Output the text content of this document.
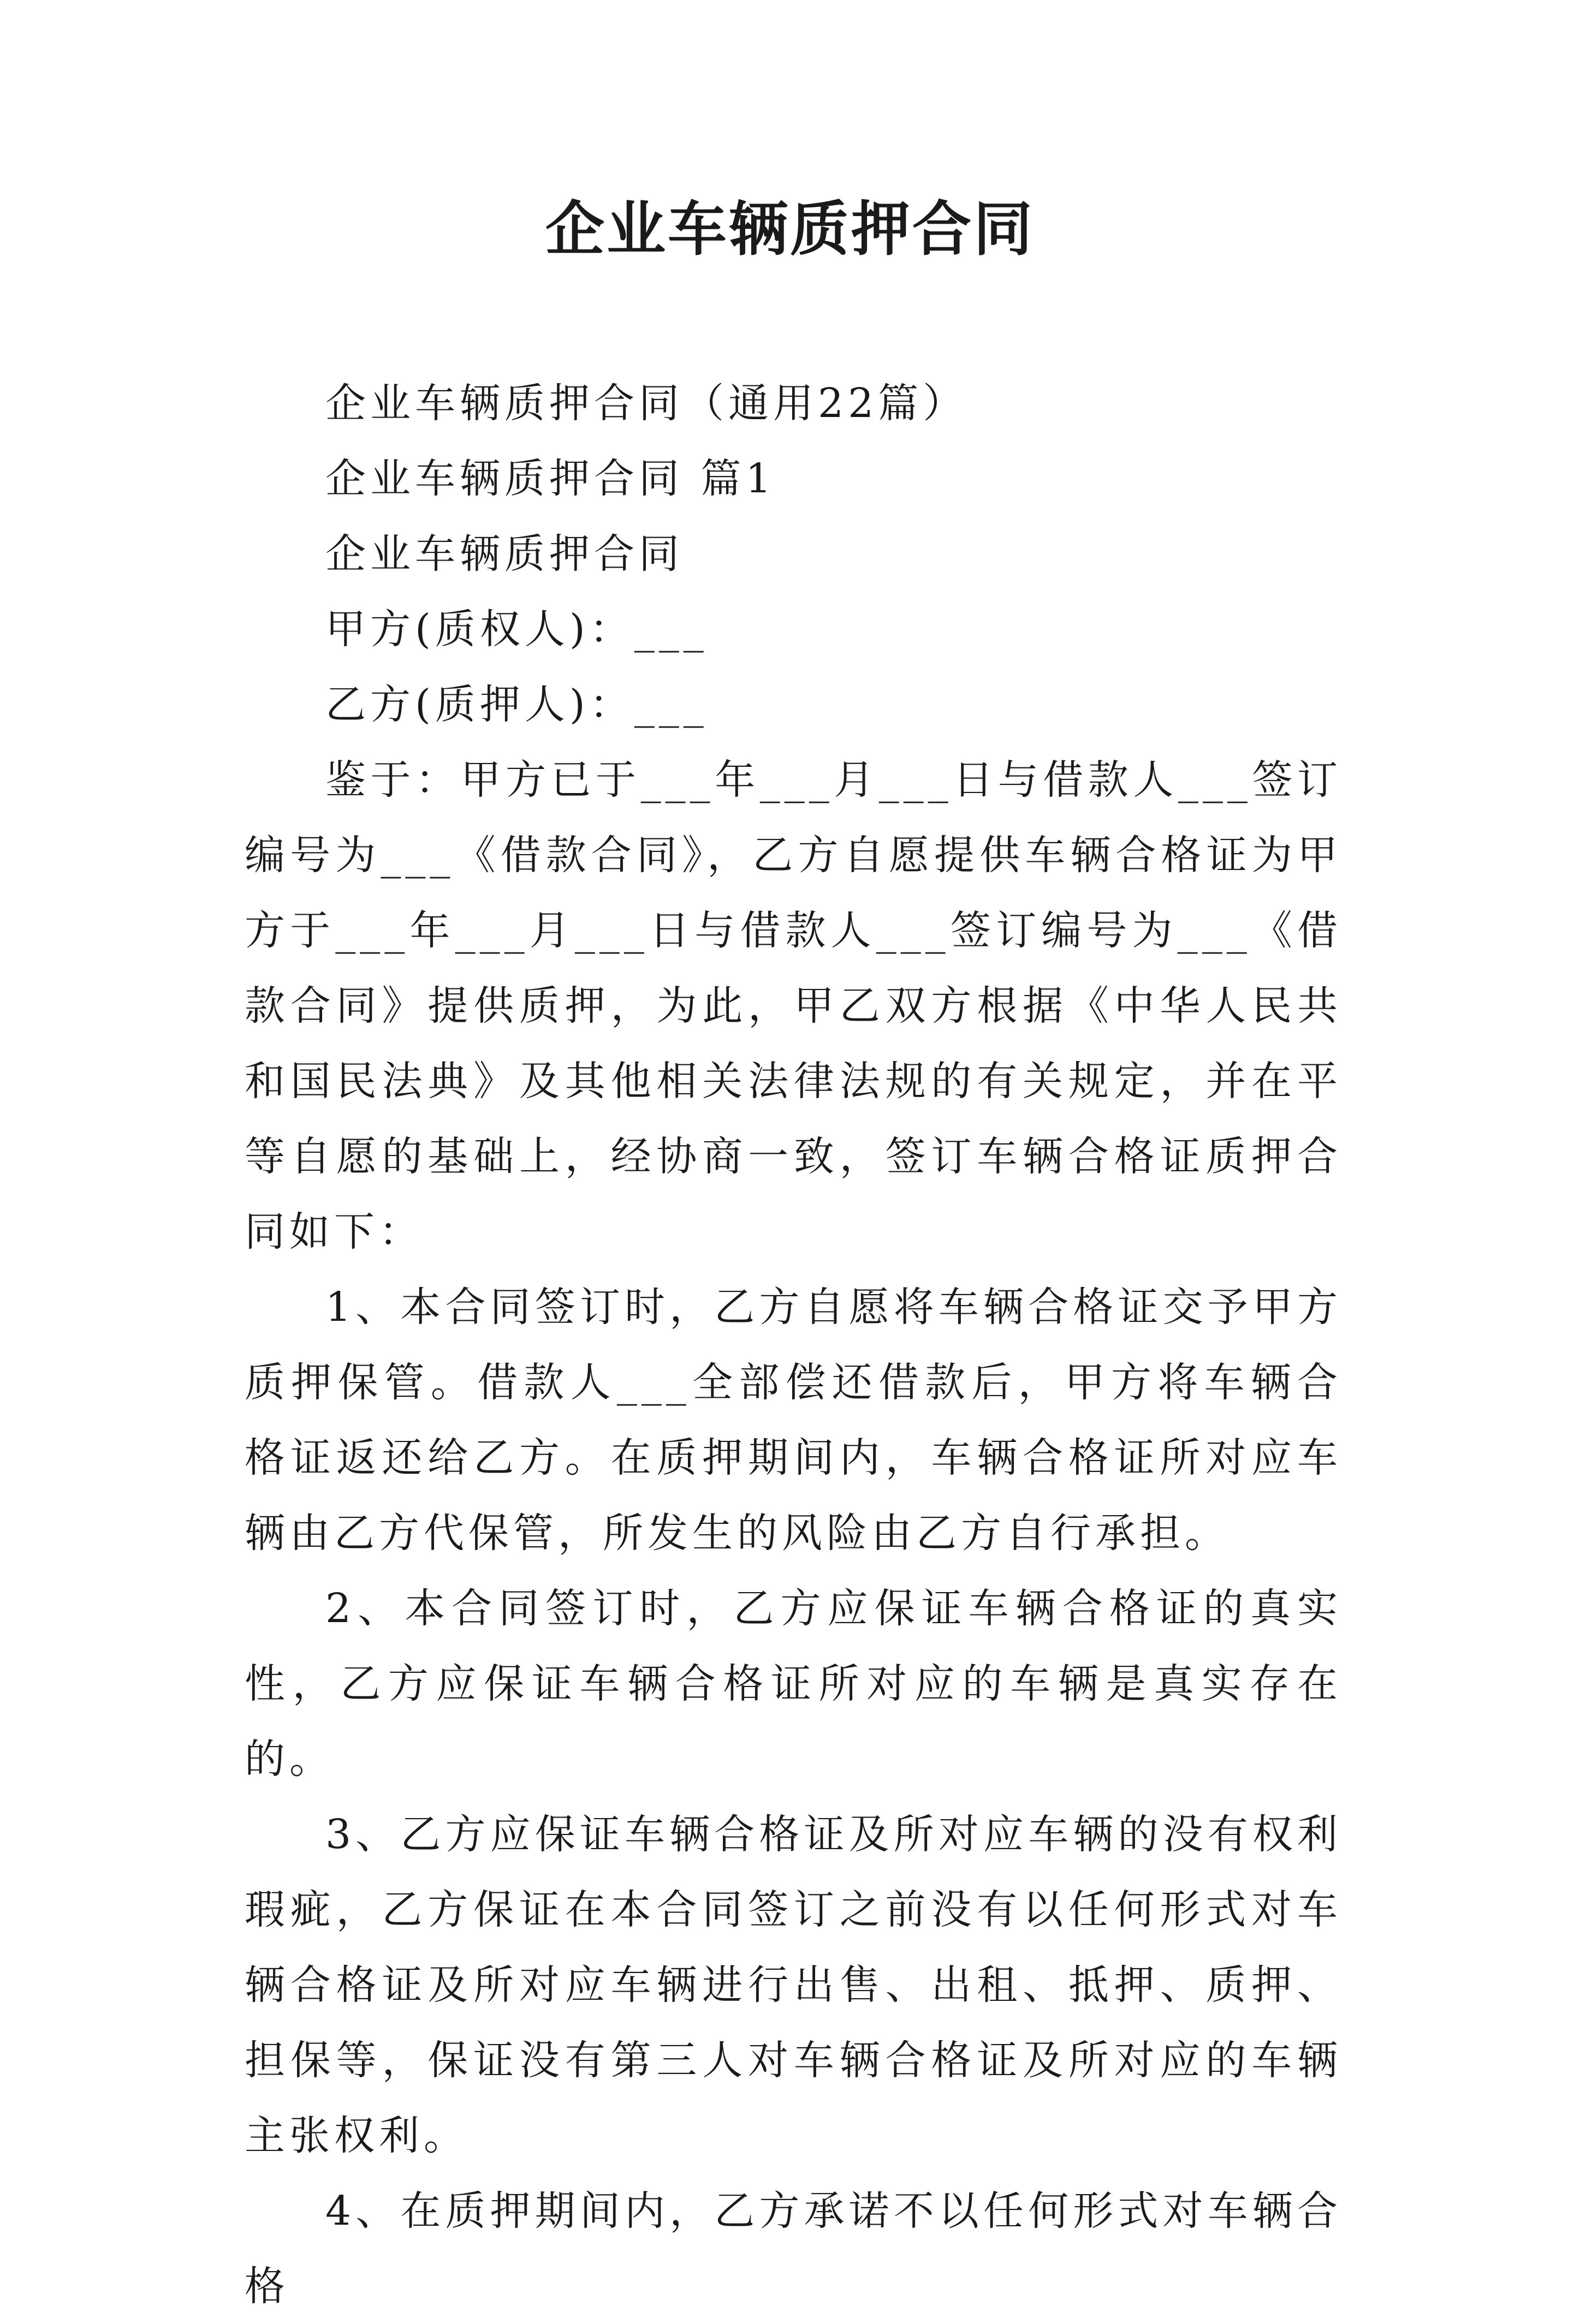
企业车辆质押合同

企业车辆质押合同（通用22篇）

企业车辆质押合同 篇1

企业车辆质押合同

甲方(质权人)：___

乙方(质押人)：___

鉴于：甲方已于___年___月___日与借款人___签订编号为___《借款合同》，乙方自愿提供车辆合格证为甲方于___年___月___日与借款人___签订编号为___《借款合同》提供质押，为此，甲乙双方根据《中华人民共和国民法典》及其他相关法律法规的有关规定，并在平等自愿的基础上，经协商一致，签订车辆合格证质押合同如下：

1、本合同签订时，乙方自愿将车辆合格证交予甲方质押保管。借款人___全部偿还借款后，甲方将车辆合格证返还给乙方。在质押期间内，车辆合格证所对应车辆由乙方代保管，所发生的风险由乙方自行承担。

2、本合同签订时，乙方应保证车辆合格证的真实性，乙方应保证车辆合格证所对应的车辆是真实存在的。

3、乙方应保证车辆合格证及所对应车辆的没有权利瑕疵，乙方保证在本合同签订之前没有以任何形式对车辆合格证及所对应车辆进行出售、出租、抵押、质押、担保等，保证没有第三人对车辆合格证及所对应的车辆主张权利。

4、在质押期间内，乙方承诺不以任何形式对车辆合格
